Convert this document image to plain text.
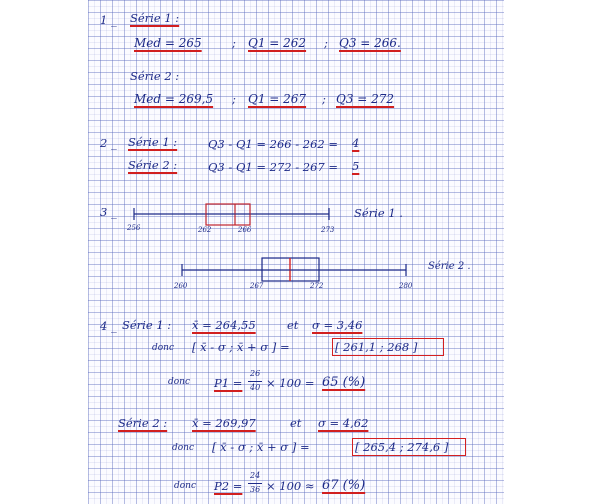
1 _ Série 1 :
Med = 265	; Q1 = 262 ; Q3 = 266.
Série 2 :
Med = 269,5 ; Q1 = 267 ; Q3 = 272
2 _ Série 1 :	Q3 - Q1 = 266 - 262 = 4
Série 2 :	Q3 - Q1 = 272 - 267 = 5
3 _
256	262	266	273
Série 1 .
260	267	272	280
Série 2 .
4 _ Série 1 : x̄ = 264,55	et σ = 3,46
donc [ x̄ - σ ; x̄ + σ ] =	[ 261,1 ; 268 ]
donc P1 =
26
40 × 100 = 65 (%)
Série 2 : x̄ = 269,97	et σ = 4,62
donc [ x̄ - σ ; x̄ + σ ] =	[ 265,4 ; 274,6 ]
donc P2 =
24
36 × 100 ≈ 67 (%)
